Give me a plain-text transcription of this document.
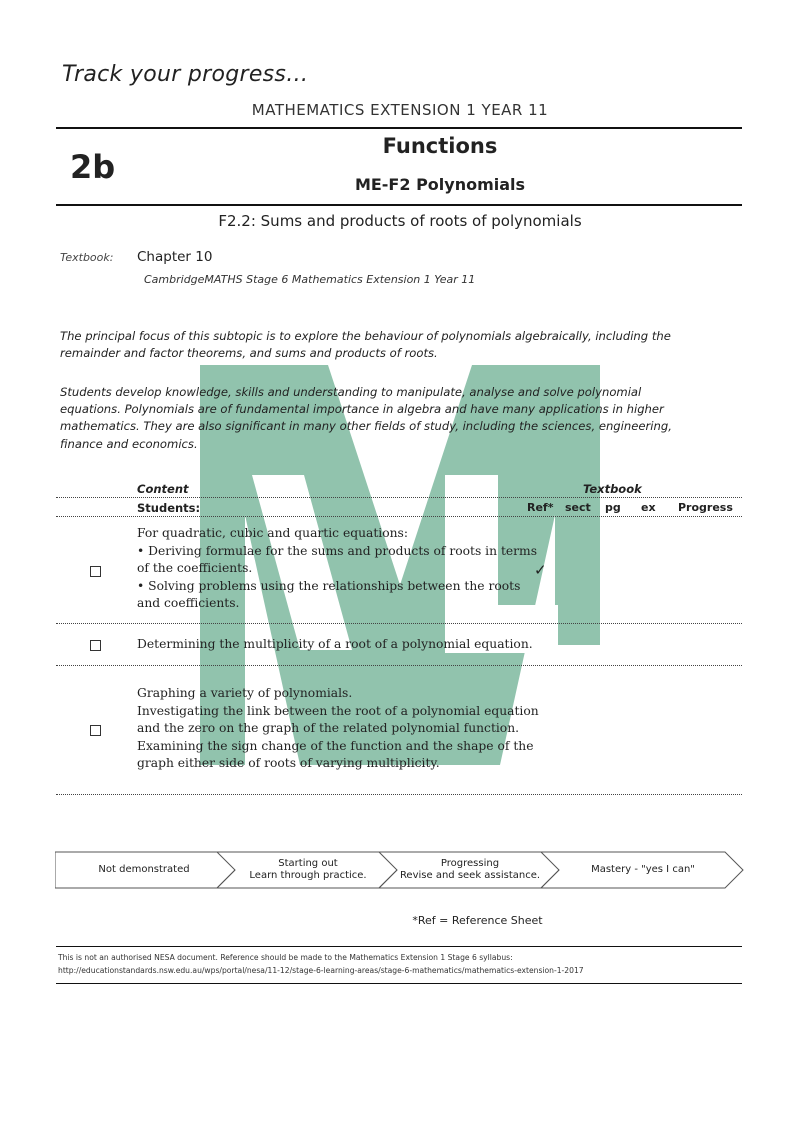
Track your progress…
MATHEMATICS EXTENSION 1 YEAR 11
2b
Functions
ME-F2 Polynomials
F2.2: Sums and products of roots of polynomials
Textbook: Chapter 10
CambridgeMATHS Stage 6 Mathematics Extension 1 Year 11
The principal focus of this subtopic is to explore the behaviour of polynomials algebraically, including the
remainder and factor theorems, and sums and products of roots.
Students develop knowledge, skills and understanding to manipulate, analyse and solve polynomial
equations. Polynomials are of fundamental importance in algebra and have many applications in higher
mathematics. They are also significant in many other fields of study, including the sciences, engineering,
finance and economics.
Content	Textbook
Students:	Ref* sect pg ex Progress
For quadratic, cubic and quartic equations:
• Deriving formulae for the sums and products of roots in terms
of the coefficients.
• Solving problems using the relationships between the roots
and coefficients.
✓
Determining the multiplicity of a root of a polynomial equation.
Graphing a variety of polynomials.
Investigating the link between the root of a polynomial equation
and the zero on the graph of the related polynomial function.
Examining the sign change of the function and the shape of the
graph either side of roots of varying multiplicity.
Not demonstrated
Starting out
Learn through practice.
Progressing
Revise and seek assistance.
Mastery - "yes I can"
*Ref = Reference Sheet
This is not an authorised NESA document. Reference should be made to the Mathematics Extension 1 Stage 6 syllabus:
http://educationstandards.nsw.edu.au/wps/portal/nesa/11-12/stage-6-learning-areas/stage-6-mathematics/mathematics-extension-1-2017
